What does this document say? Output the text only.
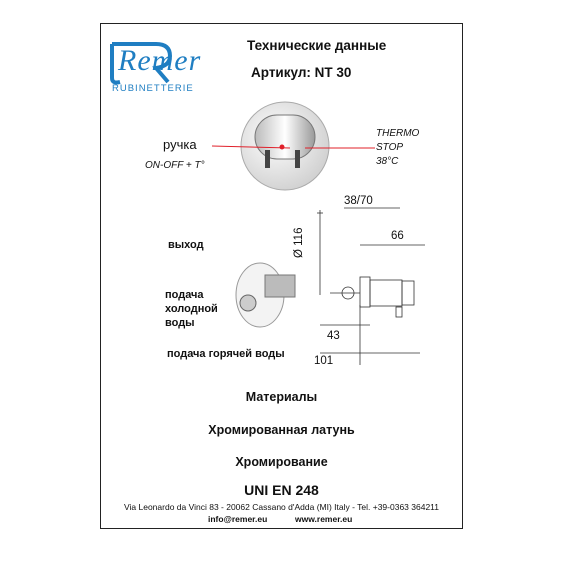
Remer
RUBINETTERIE
Технические данные
Артикул: NT 30
ручка
ON-OFF + T°
THERMO
STOP
38°C
38/70
Ø 116	66
43
101
выход
подача
холодной
воды
подача горячей воды
Материалы
Хромированная латунь
Хромирование
UNI EN 248
Via Leonardo da Vinci 83 - 20062 Cassano d'Adda (MI) Italy - Tel. +39-0363 364211
info@remer.eu	www.remer.eu
